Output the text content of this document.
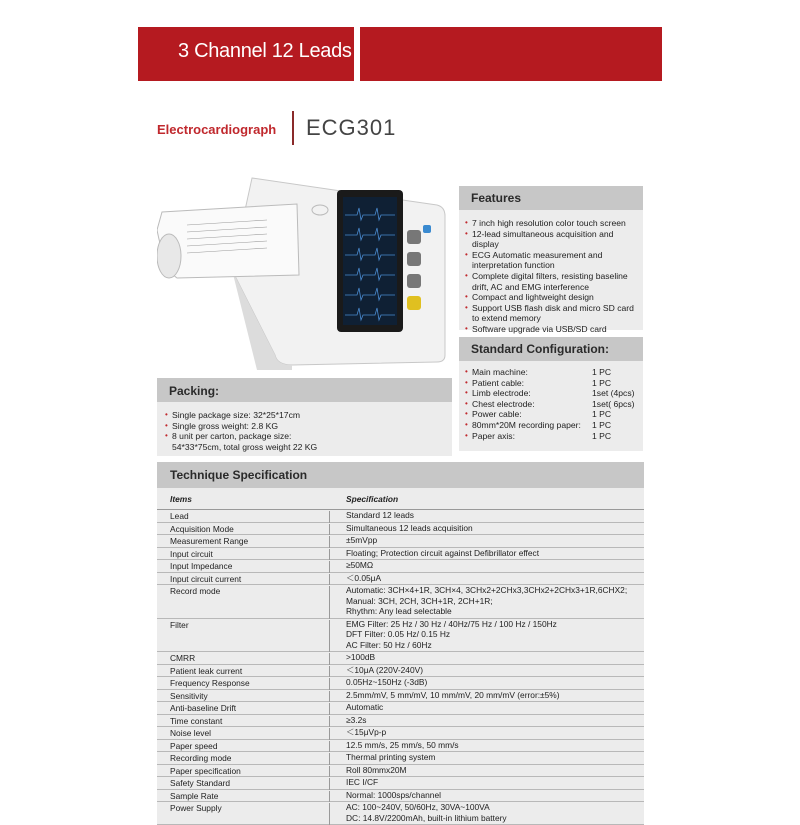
3 Channel 12 Leads
Electrocardiograph ECG301
Features
• 7 inch high resolution color touch screen
• 12-lead simultaneous acquisition and display
• ECG Automatic measurement and interpretation function
• Complete digital filters, resisting baseline drift, AC and EMG interference
• Compact and lightweight design
• Support USB flash disk and micro SD card to extend memory
• Software upgrade via USB/SD card
•
Standard Configuration:
• Main machine:	1 PC
• Patient cable:	1 PC
• Limb electrode:	1set (4pcs)
• Chest electrode:	1set( 6pcs)
• Power cable:	1 PC
• 80mm*20M recording paper: 1 PC
• Paper axis:	1 PC
Packing:
• Single package size: 32*25*17cm
• Single gross weight: 2.8 KG
• 8 unit per carton, package size: 54*33*75cm, total gross weight 22 KG
Technique Specification
Items	Specification
Lead	Standard 12 leads
Acquisition Mode	Simultaneous 12 leads acquisition
Measurement Range	±5mVpp
Input circuit	Floating; Protection circuit against Defibrillator effect
Input Impedance	≥50MΩ
Input circuit current	＜0.05μA
Record mode	Automatic: 3CH×4+1R, 3CH×4, 3CHx2+2CHx3,3CHx2+2CHx3+1R,6CHX2;
Manual: 3CH, 2CH, 3CH+1R, 2CH+1R;
Rhythm: Any lead selectable
Filter	EMG Filter: 25 Hz / 30 Hz / 40Hz/75 Hz / 100 Hz / 150Hz
DFT Filter: 0.05 Hz/ 0.15 Hz
AC Filter: 50 Hz / 60Hz
CMRR	>100dB
Patient leak current	＜10μA (220V-240V)
Frequency Response	0.05Hz~150Hz (-3dB)
Sensitivity	2.5mm/mV, 5 mm/mV, 10 mm/mV, 20 mm/mV (error:±5%)
Anti-baseline Drift	Automatic
Time constant	≥3.2s
Noise level	＜15μVp-p
Paper speed	12.5 mm/s, 25 mm/s, 50 mm/s
Recording mode	Thermal printing system
Paper specification	Roll 80mmx20M
Safety Standard	IEC I/CF
Sample Rate	Normal: 1000sps/channel
Power Supply	AC: 100~240V, 50/60Hz, 30VA~100VA
DC: 14.8V/2200mAh, built-in lithium battery
